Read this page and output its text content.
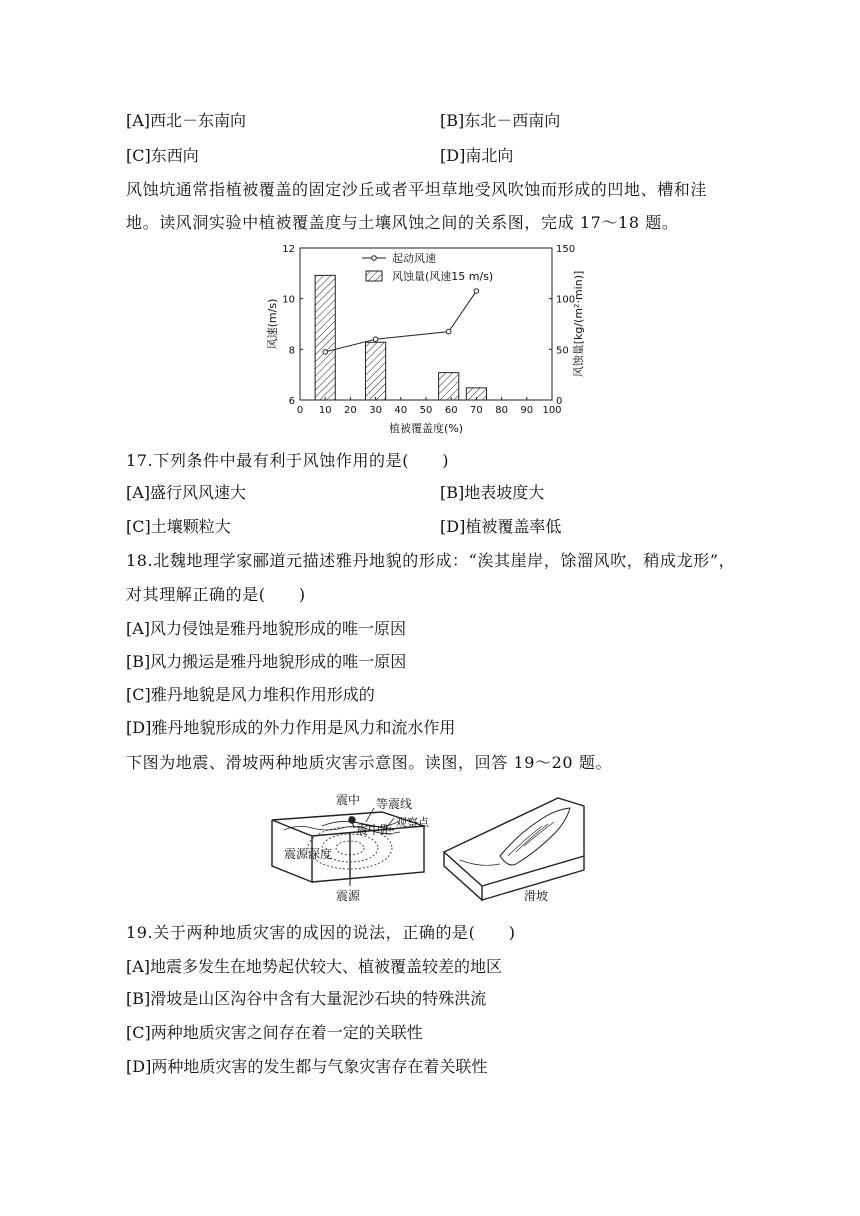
[A]西北－东南向	[B]东北－西南向
[C]东西向	[D]南北向
风蚀坑通常指植被覆盖的固定沙丘或者平坦草地受风吹蚀而形成的凹地、槽和洼
地。读风洞实验中植被覆盖度与土壤风蚀之间的关系图，完成 17～18 题。
0 10 20 30 40 50 60 70 80 90 100
6
8
10
12
0
50
100
150
植被覆盖度(%)
风速(m/s)	风蚀量[kg/(m²·min)]
起动风速
风蚀量(风速15 m/s)
17.下列条件中最有利于风蚀作用的是(　　)
[A]盛行风风速大	[B]地表坡度大
[C]土壤颗粒大	[D]植被覆盖率低
18.北魏地理学家郦道元描述雅丹地貌的形成：“涘其崖岸，馀溜风吹，稍成龙形”，
对其理解正确的是(　　)
[A]风力侵蚀是雅丹地貌形成的唯一原因
[B]风力搬运是雅丹地貌形成的唯一原因
[C]雅丹地貌是风力堆积作用形成的
[D]雅丹地貌形成的外力作用是风力和流水作用
下图为地震、滑坡两种地质灾害示意图。读图，回答 19～20 题。
震中 等震线
震中距
观察点
震源深度
震源	滑坡
19.关于两种地质灾害的成因的说法，正确的是(　　)
[A]地震多发生在地势起伏较大、植被覆盖较差的地区
[B]滑坡是山区沟谷中含有大量泥沙石块的特殊洪流
[C]两种地质灾害之间存在着一定的关联性
[D]两种地质灾害的发生都与气象灾害存在着关联性
